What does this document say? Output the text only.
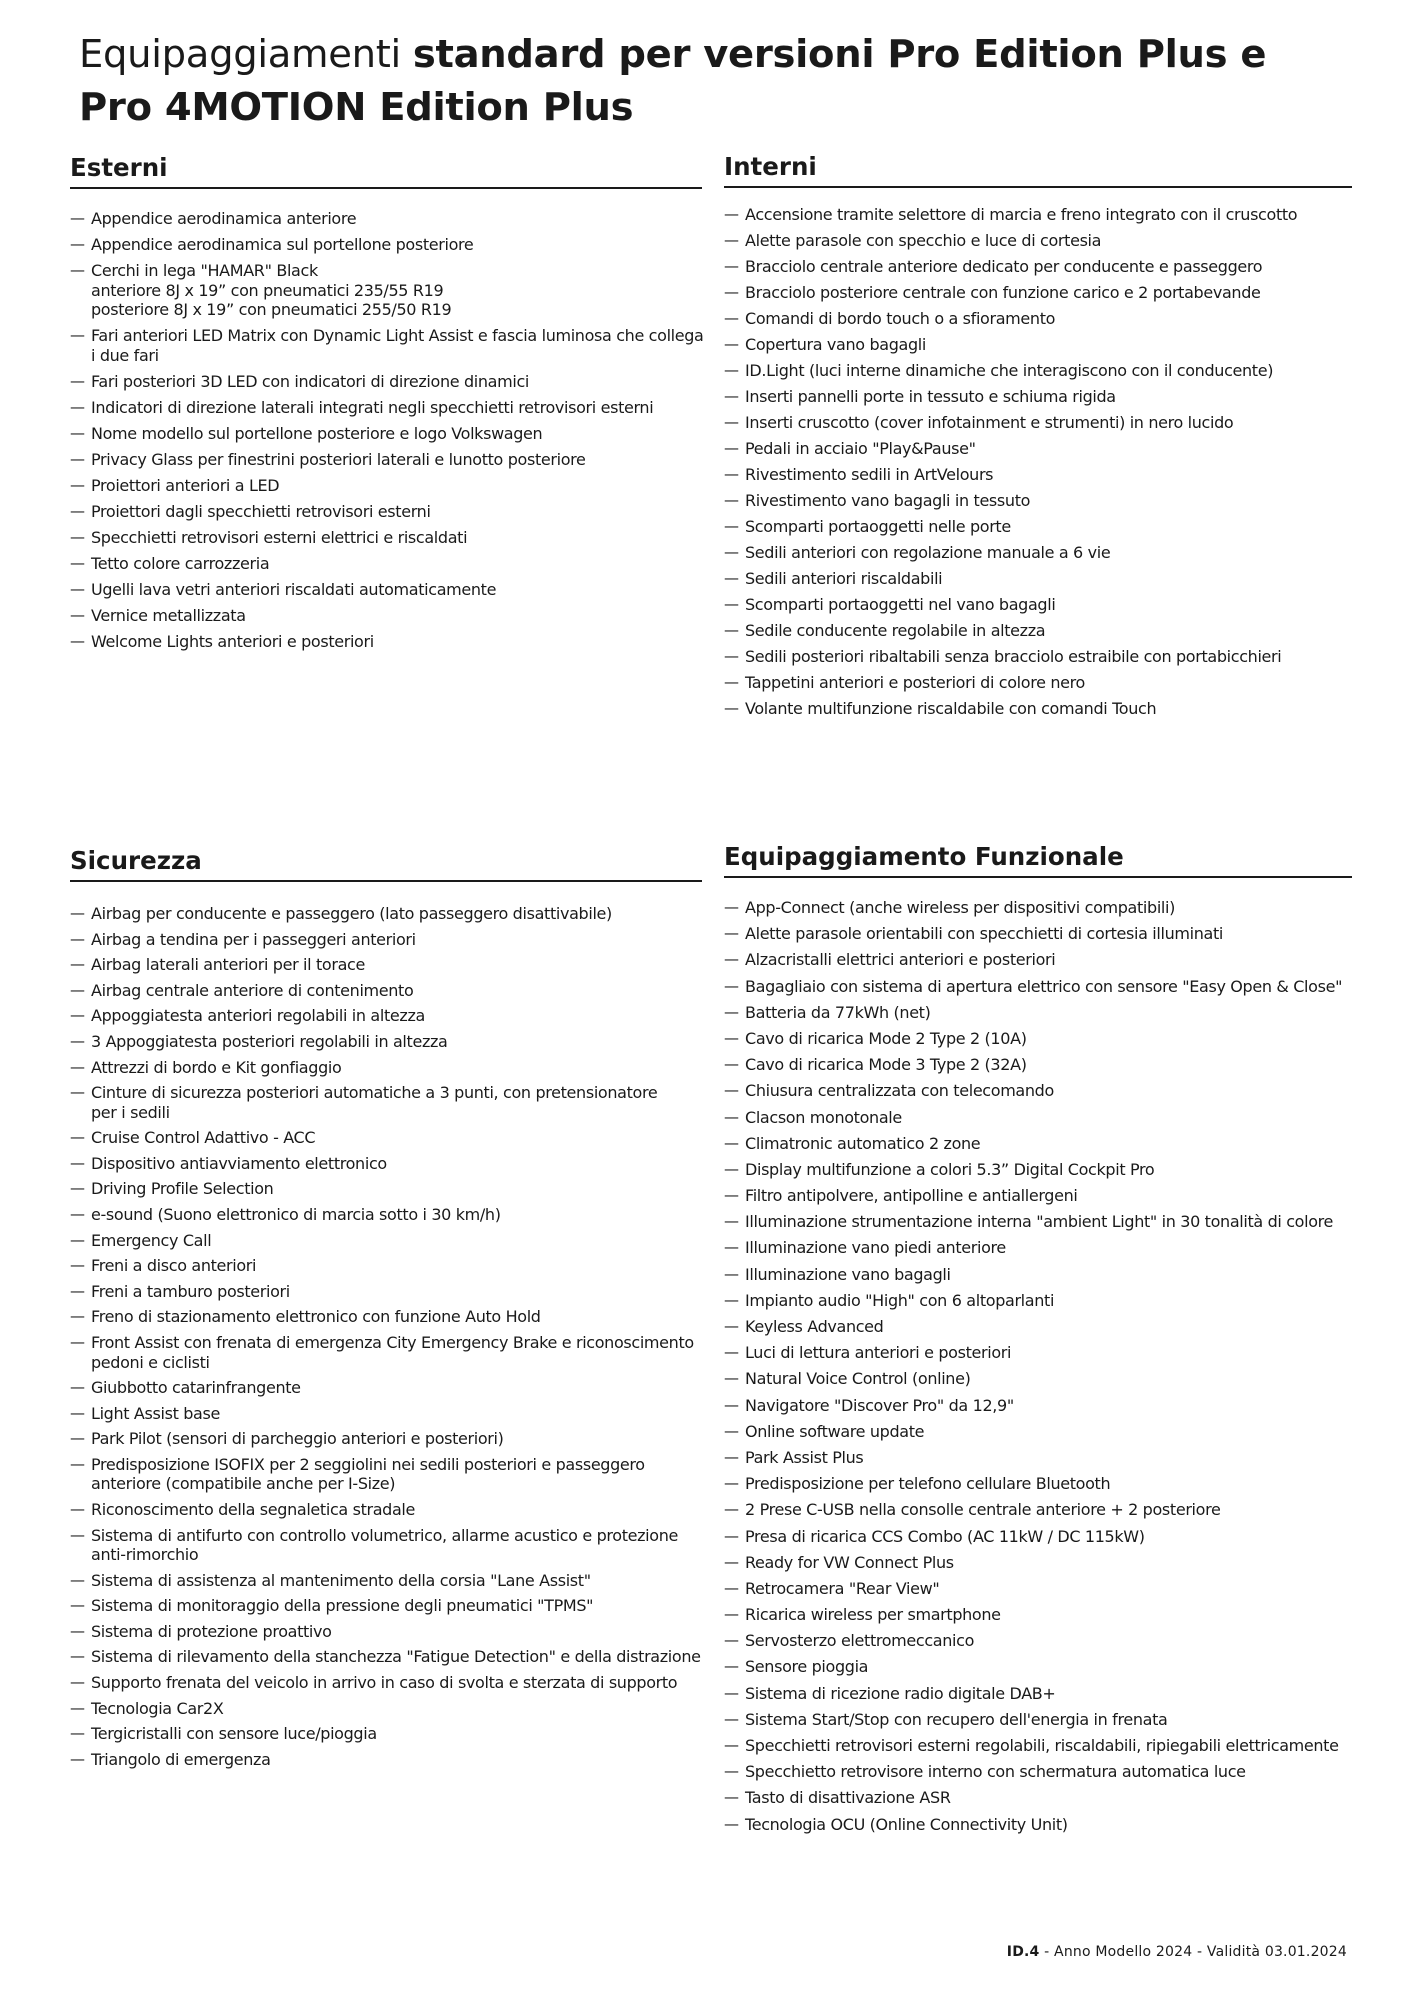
Equipaggiamenti standard per versioni Pro Edition Plus e Pro 4MOTION Edition Plus
Esterni
— Appendice aerodinamica anteriore
— Appendice aerodinamica sul portellone posteriore
— Cerchi in lega "HAMAR" Black
anteriore 8J x 19” con pneumatici 235/55 R19
posteriore 8J x 19” con pneumatici 255/50 R19
— Fari anteriori LED Matrix con Dynamic Light Assist e fascia luminosa che collega
i due fari
— Fari posteriori 3D LED con indicatori di direzione dinamici
— Indicatori di direzione laterali integrati negli specchietti retrovisori esterni
— Nome modello sul portellone posteriore e logo Volkswagen
— Privacy Glass per finestrini posteriori laterali e lunotto posteriore
— Proiettori anteriori a LED
— Proiettori dagli specchietti retrovisori esterni
— Specchietti retrovisori esterni elettrici e riscaldati
— Tetto colore carrozzeria
— Ugelli lava vetri anteriori riscaldati automaticamente
— Vernice metallizzata
— Welcome Lights anteriori e posteriori
Interni
— Accensione tramite selettore di marcia e freno integrato con il cruscotto
— Alette parasole con specchio e luce di cortesia
— Bracciolo centrale anteriore dedicato per conducente e passeggero
— Bracciolo posteriore centrale con funzione carico e 2 portabevande
— Comandi di bordo touch o a sfioramento
— Copertura vano bagagli
— ID.Light (luci interne dinamiche che interagiscono con il conducente)
— Inserti pannelli porte in tessuto e schiuma rigida
— Inserti cruscotto (cover infotainment e strumenti) in nero lucido
— Pedali in acciaio "Play&Pause"
— Rivestimento sedili in ArtVelours
— Rivestimento vano bagagli in tessuto
— Scomparti portaoggetti nelle porte
— Sedili anteriori con regolazione manuale a 6 vie
— Sedili anteriori riscaldabili
— Scomparti portaoggetti nel vano bagagli
— Sedile conducente regolabile in altezza
— Sedili posteriori ribaltabili senza bracciolo estraibile con portabicchieri
— Tappetini anteriori e posteriori di colore nero
— Volante multifunzione riscaldabile con comandi Touch
Sicurezza
— Airbag per conducente e passeggero (lato passeggero disattivabile)
— Airbag a tendina per i passeggeri anteriori
— Airbag laterali anteriori per il torace
— Airbag centrale anteriore di contenimento
— Appoggiatesta anteriori regolabili in altezza
— 3 Appoggiatesta posteriori regolabili in altezza
— Attrezzi di bordo e Kit gonfiaggio
— Cinture di sicurezza posteriori automatiche a 3 punti, con pretensionatore
per i sedili
— Cruise Control Adattivo - ACC
— Dispositivo antiavviamento elettronico
— Driving Profile Selection
— e-sound (Suono elettronico di marcia sotto i 30 km/h)
— Emergency Call
— Freni a disco anteriori
— Freni a tamburo posteriori
— Freno di stazionamento elettronico con funzione Auto Hold
— Front Assist con frenata di emergenza City Emergency Brake e riconoscimento
pedoni e ciclisti
— Giubbotto catarinfrangente
— Light Assist base
— Park Pilot (sensori di parcheggio anteriori e posteriori)
— Predisposizione ISOFIX per 2 seggiolini nei sedili posteriori e passeggero
anteriore (compatibile anche per I-Size)
— Riconoscimento della segnaletica stradale
— Sistema di antifurto con controllo volumetrico, allarme acustico e protezione
anti-rimorchio
— Sistema di assistenza al mantenimento della corsia "Lane Assist"
— Sistema di monitoraggio della pressione degli pneumatici "TPMS"
— Sistema di protezione proattivo
— Sistema di rilevamento della stanchezza "Fatigue Detection" e della distrazione
— Supporto frenata del veicolo in arrivo in caso di svolta e sterzata di supporto
— Tecnologia Car2X
— Tergicristalli con sensore luce/pioggia
— Triangolo di emergenza
Equipaggiamento Funzionale
— App-Connect (anche wireless per dispositivi compatibili)
— Alette parasole orientabili con specchietti di cortesia illuminati
— Alzacristalli elettrici anteriori e posteriori
— Bagagliaio con sistema di apertura elettrico con sensore "Easy Open & Close"
— Batteria da 77kWh (net)
— Cavo di ricarica Mode 2 Type 2 (10A)
— Cavo di ricarica Mode 3 Type 2 (32A)
— Chiusura centralizzata con telecomando
— Clacson monotonale
— Climatronic automatico 2 zone
— Display multifunzione a colori 5.3” Digital Cockpit Pro
— Filtro antipolvere, antipolline e antiallergeni
— Illuminazione strumentazione interna "ambient Light" in 30 tonalità di colore
— Illuminazione vano piedi anteriore
— Illuminazione vano bagagli
— Impianto audio "High" con 6 altoparlanti
— Keyless Advanced
— Luci di lettura anteriori e posteriori
— Natural Voice Control (online)
— Navigatore "Discover Pro" da 12,9"
— Online software update
— Park Assist Plus
— Predisposizione per telefono cellulare Bluetooth
— 2 Prese C-USB nella consolle centrale anteriore + 2 posteriore
— Presa di ricarica CCS Combo (AC 11kW / DC 115kW)
— Ready for VW Connect Plus
— Retrocamera "Rear View"
— Ricarica wireless per smartphone
— Servosterzo elettromeccanico
— Sensore pioggia
— Sistema di ricezione radio digitale DAB+
— Sistema Start/Stop con recupero dell'energia in frenata
— Specchietti retrovisori esterni regolabili, riscaldabili, ripiegabili elettricamente
— Specchietto retrovisore interno con schermatura automatica luce
— Tasto di disattivazione ASR
— Tecnologia OCU (Online Connectivity Unit)
ID.4 - Anno Modello 2024 - Validità 03.01.2024
